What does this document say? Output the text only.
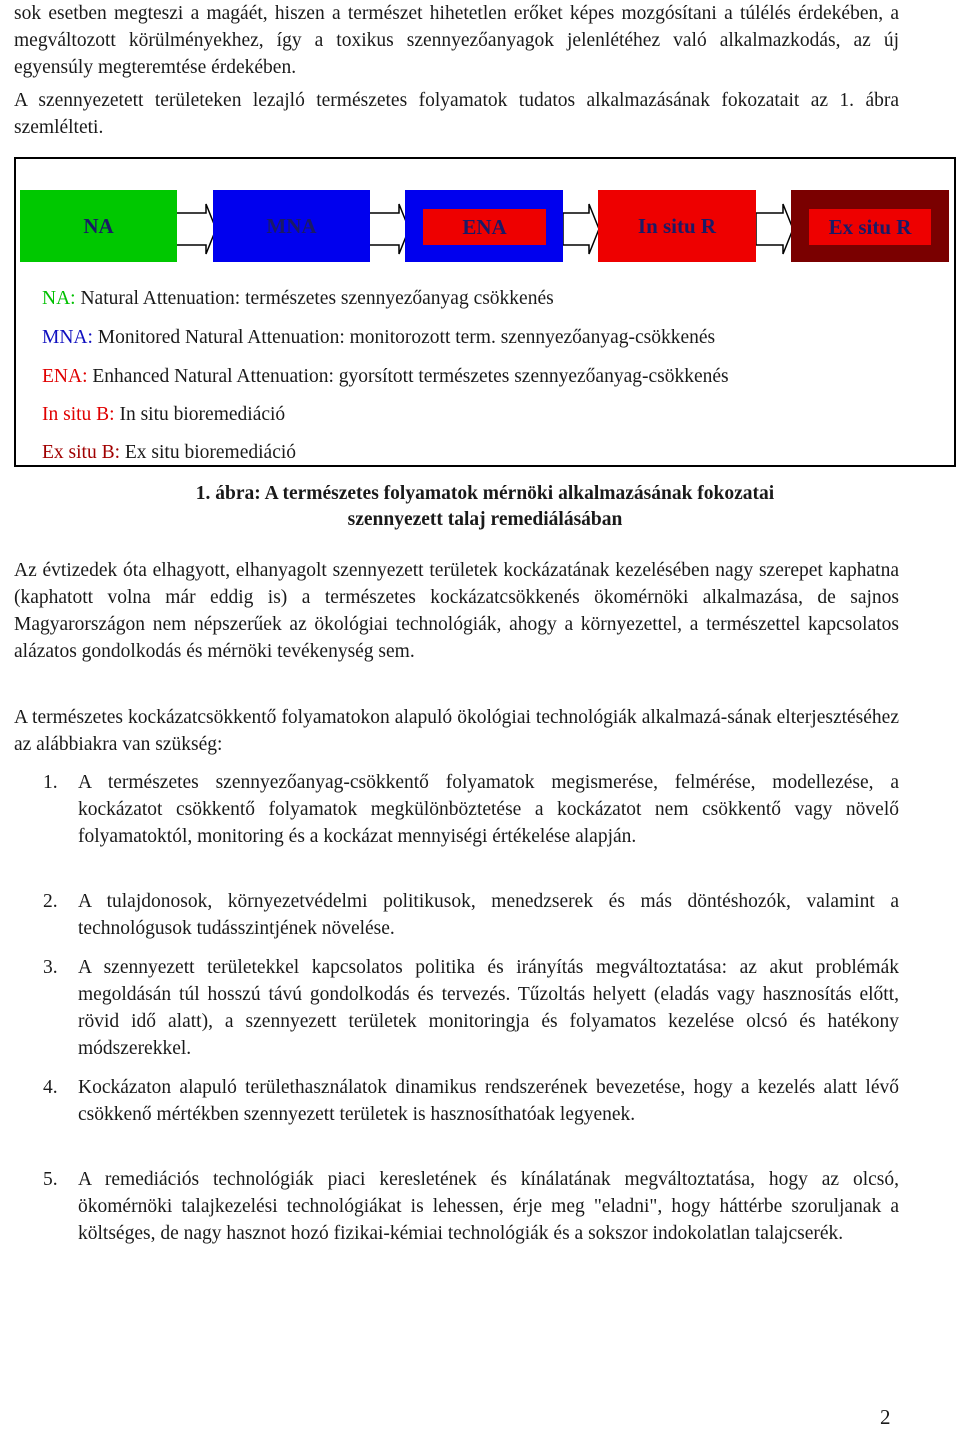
sok esetben megteszi a magáét, hiszen a természet hihetetlen erőket képes mozgósítani a túlélés érdekében, a megváltozott körülményekhez, így a toxikus szennyezőanyagok jelenlétéhez való alkalmazkodás, az új egyensúly megteremtése érdekében.

A szennyezetett területeken lezajló természetes folyamatok tudatos alkalmazásának fokozatait az 1. ábra szemlélteti.

NA	MNA	ENA	In situ R	Ex situ R
NA: Natural Attenuation: természetes szennyezőanyag csökkenés
MNA: Monitored Natural Attenuation: monitorozott term. szennyezőanyag-csökkenés
ENA: Enhanced Natural Attenuation: gyorsított természetes szennyezőanyag-csökkenés
In situ B: In situ bioremediáció
Ex situ B: Ex situ bioremediáció
1. ábra: A természetes folyamatok mérnöki alkalmazásának fokozatai
szennyezett talaj remediálásában

Az évtizedek óta elhagyott, elhanyagolt szennyezett területek kockázatának kezelésében nagy szerepet kaphatna (kaphatott volna már eddig is) a természetes kockázatcsökkenés ökomérnöki alkalmazása, de sajnos Magyarországon nem népszerűek az ökológiai technológiák, ahogy a környezettel, a természettel kapcsolatos alázatos gondolkodás és mérnöki tevékenység sem.

A természetes kockázatcsökkentő folyamatokon alapuló ökológiai technológiák alkalmazá-sának elterjesztéséhez az alábbiakra van szükség:

1. A természetes szennyezőanyag-csökkentő folyamatok megismerése, felmérése, modellezése, a kockázatot csökkentő folyamatok megkülönböztetése a kockázatot nem csökkentő vagy növelő folyamatoktól, monitoring és a kockázat mennyiségi értékelése alapján.
2. A tulajdonosok, környezetvédelmi politikusok, menedzserek és más döntéshozók, valamint a technológusok tudásszintjének növelése.
3. A szennyezett területekkel kapcsolatos politika és irányítás megváltoztatása: az akut problémák megoldásán túl hosszú távú gondolkodás és tervezés. Tűzoltás helyett (eladás vagy hasznosítás előtt, rövid idő alatt), a szennyezett területek monitoringja és folyamatos kezelése olcsó és hatékony módszerekkel.
4. Kockázaton alapuló területhasználatok dinamikus rendszerének bevezetése, hogy a kezelés alatt lévő csökkenő mértékben szennyezett területek is hasznosíthatóak legyenek.
5. A remediációs technológiák piaci keresletének és kínálatának megváltoztatása, hogy az olcsó, ökomérnöki talajkezelési technológiákat is lehessen, érje meg "eladni", hogy háttérbe szoruljanak a költséges, de nagy hasznot hozó fizikai-kémiai technológiák és a sokszor indokolatlan talajcserék.
2
